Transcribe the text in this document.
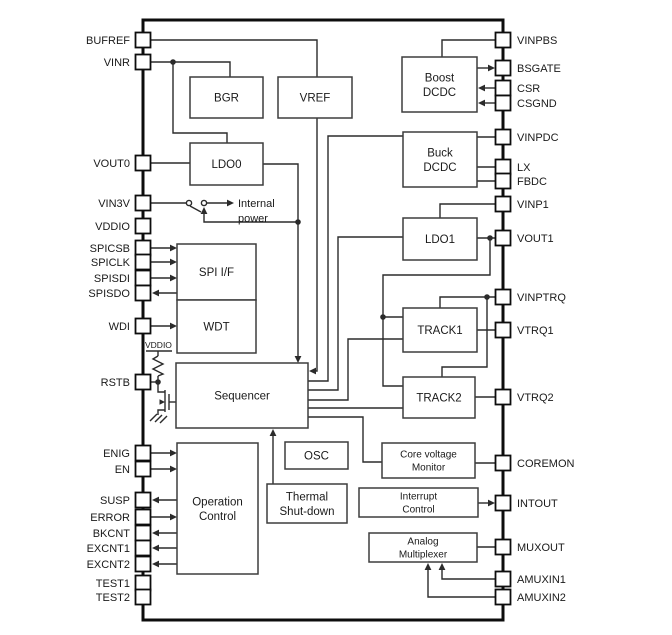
BGR	VREF
LDO0
Boost
DCDC
Buck
DCDC
LDO1
SPI I/F
WDT
Sequencer
TRACK1
TRACK2
Operation
Control
OSC
Thermal
Shut-down
Core voltage
Monitor
Interrupt
Control
Analog
Multiplexer
BUFREF
VINR
VOUT0
VIN3V
VDDIO
SPICSB
SPICLK
SPISDI
SPISDO
WDI
RSTB
ENIG
EN
SUSP
ERROR
BKCNT
EXCNT1
EXCNT2
TEST1
TEST2
VINPBS
BSGATE
CSR
CSGND
VINPDC
LX
FBDC
VINP1
VOUT1
VINPTRQ
VTRQ1
VTRQ2
COREMON
INTOUT
MUXOUT
AMUXIN1
AMUXIN2
Internal
power
VDDIO
